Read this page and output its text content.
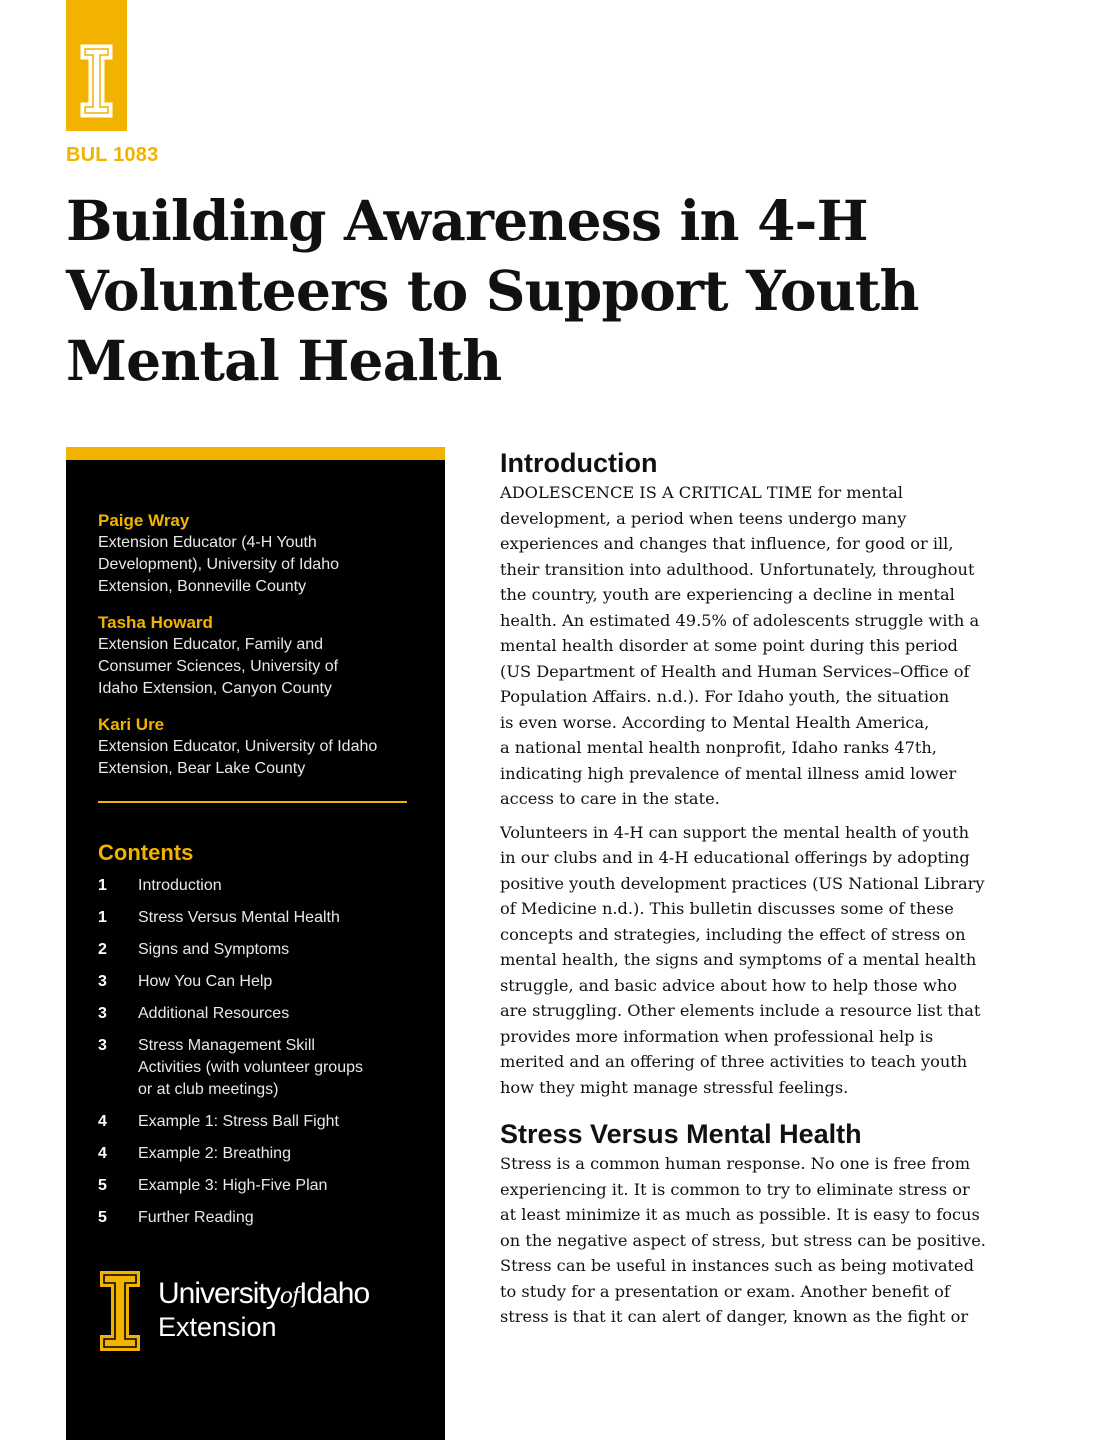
BUL 1083
Building Awareness in 4-H
Volunteers to Support Youth
Mental Health
Paige Wray
Extension Educator (4-H Youth
Development), University of Idaho
Extension, Bonneville County
Tasha Howard
Extension Educator, Family and
Consumer Sciences, University of
Idaho Extension, Canyon County
Kari Ure
Extension Educator, University of Idaho
Extension, Bear Lake County
Contents
1	Introduction
1	Stress Versus Mental Health
2	Signs and Symptoms
3	How You Can Help
3	Additional Resources
3	Stress Management Skill
Activities (with volunteer groups
or at club meetings)
4	Example 1: Stress Ball Fight
4	Example 2: Breathing
5	Example 3: High-Five Plan
5	Further Reading
UniversityofIdaho
Extension
Introduction

ADOLESCENCE IS A CRITICAL TIME for mental
development, a period when teens undergo many
experiences and changes that influence, for good or ill,
their transition into adulthood. Unfortunately, throughout
the country, youth are experiencing a decline in mental
health. An estimated 49.5% of adolescents struggle with a
mental health disorder at some point during this period
(US Department of Health and Human Services–Office of
Population Affairs. n.d.). For Idaho youth, the situation
is even worse. According to Mental Health America,
a national mental health nonprofit, Idaho ranks 47th,
indicating high prevalence of mental illness amid lower
access to care in the state.

Volunteers in 4-H can support the mental health of youth
in our clubs and in 4-H educational offerings by adopting
positive youth development practices (US National Library
of Medicine n.d.). This bulletin discusses some of these
concepts and strategies, including the effect of stress on
mental health, the signs and symptoms of a mental health
struggle, and basic advice about how to help those who
are struggling. Other elements include a resource list that
provides more information when professional help is
merited and an offering of three activities to teach youth
how they might manage stressful feelings.

Stress Versus Mental Health

Stress is a common human response. No one is free from
experiencing it. It is common to try to eliminate stress or
at least minimize it as much as possible. It is easy to focus
on the negative aspect of stress, but stress can be positive.
Stress can be useful in instances such as being motivated
to study for a presentation or exam. Another benefit of
stress is that it can alert of danger, known as the fight or
